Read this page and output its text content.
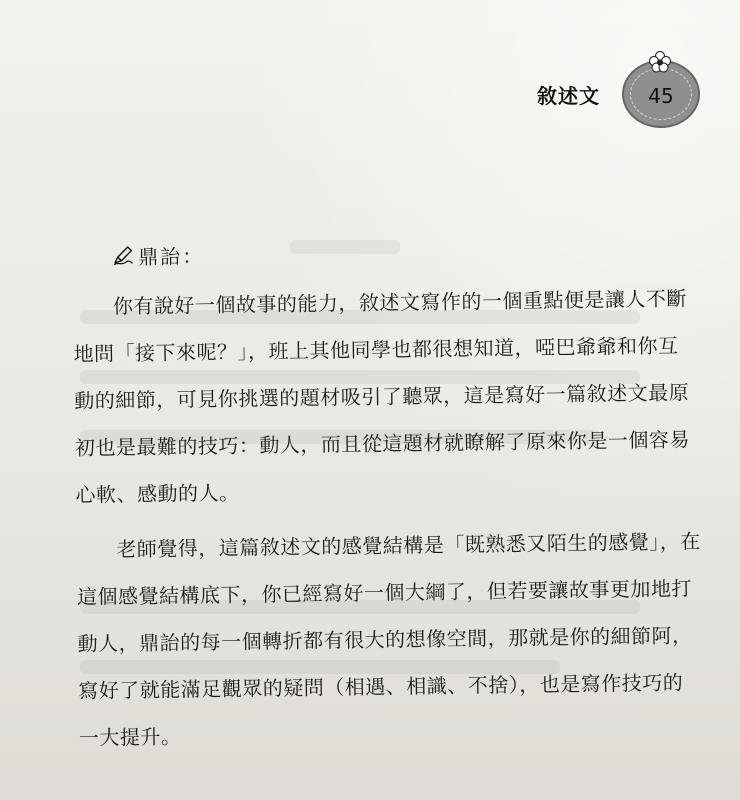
敘述文 45
鼎詒：

你有說好一個故事的能力，敘述文寫作的一個重點便是讓人不斷地問「接下來呢？」，班上其他同學也都很想知道，啞巴爺爺和你互動的細節，可見你挑選的題材吸引了聽眾，這是寫好一篇敘述文最原初也是最難的技巧：動人，而且從這題材就瞭解了原來你是一個容易心軟、感動的人。

老師覺得，這篇敘述文的感覺結構是「既熟悉又陌生的感覺」，在這個感覺結構底下，你已經寫好一個大綱了，但若要讓故事更加地打動人，鼎詒的每一個轉折都有很大的想像空間，那就是你的細節阿，寫好了就能滿足觀眾的疑問（相遇、相識、不捨），也是寫作技巧的一大提升。
